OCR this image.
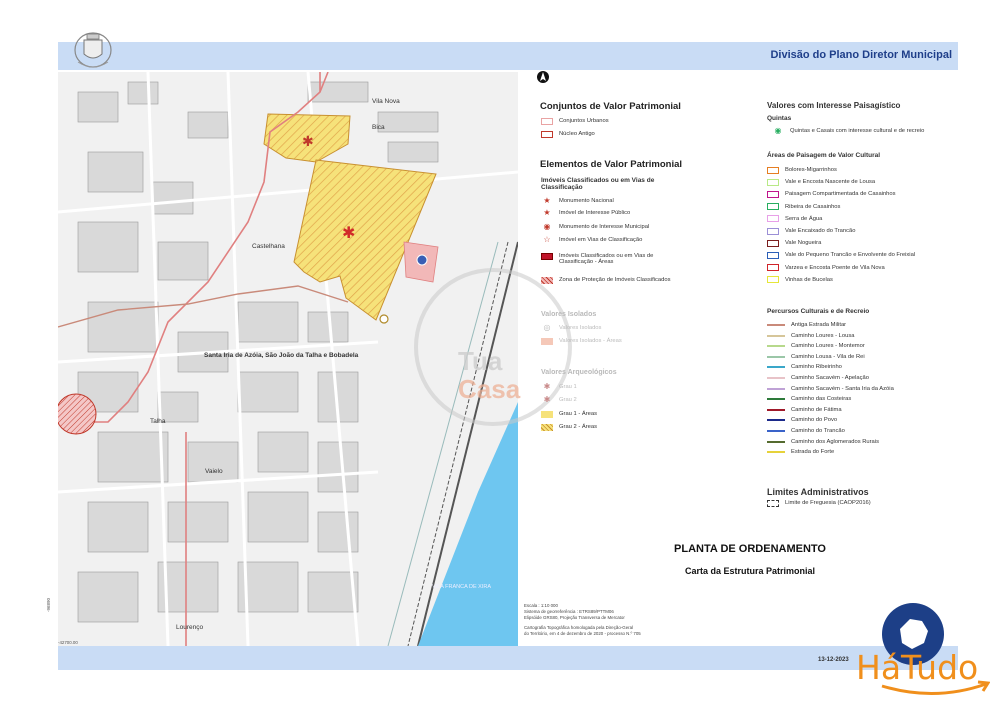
Divisão do Plano Diretor Municipal
✱
✱
Santa Iria de Azóia, São João da Talha e Bobadela
Castelhana
Bica
Talha
Vaielo
Lourenço
Vila Nova
VILA FRANCA DE XIRA
-42700.00
-96890
Tua
Casa
Conjuntos de Valor Patrimonial
Conjuntos Urbanos
Núcleo Antigo
Elementos de Valor Patrimonial
Imóveis Classificados ou em Vias de Classificação
★	Monumento Nacional
★	Imóvel de Interesse Público
◉	Monumento de Interesse Municipal
☆	Imóvel em Vias de Classificação
Imóveis Classificados ou em Vias de Classificação - Áreas
Zona de Proteção de Imóveis Classificados
Valores Isolados
◎	Valores Isolados
Valores Isolados - Áreas
Valores Arqueológicos
✱	Grau 1
✱	Grau 2
Grau 1 - Áreas
Grau 2 - Áreas
Valores com Interesse Paisagístico
Quintas
◉	Quintas e Casais com interesse cultural e de recreio
Áreas de Paisagem de Valor Cultural
Bolores-Migarrinhos
Vale e Encosta Nascente de Lousa
Paisagem Compartimentada de Casainhos
Ribeira de Casainhos
Serra de Água
Vale Encaixado do Trancão
Vale Nogueira
Vale do Pequeno Trancão e Envolvente do Freixial
Varzea e Encosta Poente de Vila Nova
Vinhas de Bucelas
Percursos Culturais e de Recreio
Antiga Estrada Militar
Caminho Loures - Lousa
Caminho Loures - Montemor
Caminho Lousa - Vila de Rei
Caminho Ribeirinho
Caminho Sacavém - Apelação
Caminho Sacavém - Santa Iria da Azóia
Caminho das Costeiras
Caminho de Fátima
Caminho do Povo
Caminho do Trancão
Caminho dos Aglomerados Rurais
Estrada do Forte
Limites Administrativos
Limite de Freguesia (CAOP2016)
PLANTA DE ORDENAMENTO
Carta da Estrutura Patrimonial
Escala : 1:10 000
Sistema de georreferência : ETRS89/PTTM06
Elipsóide GRS80, Projeção Transversa de Mercator
Cartografia Topográfica homologada pela Direção-Geral
do Território, em 4 de dezembro de 2020 - processo N.º 705
13-12-2023 HáTudo
